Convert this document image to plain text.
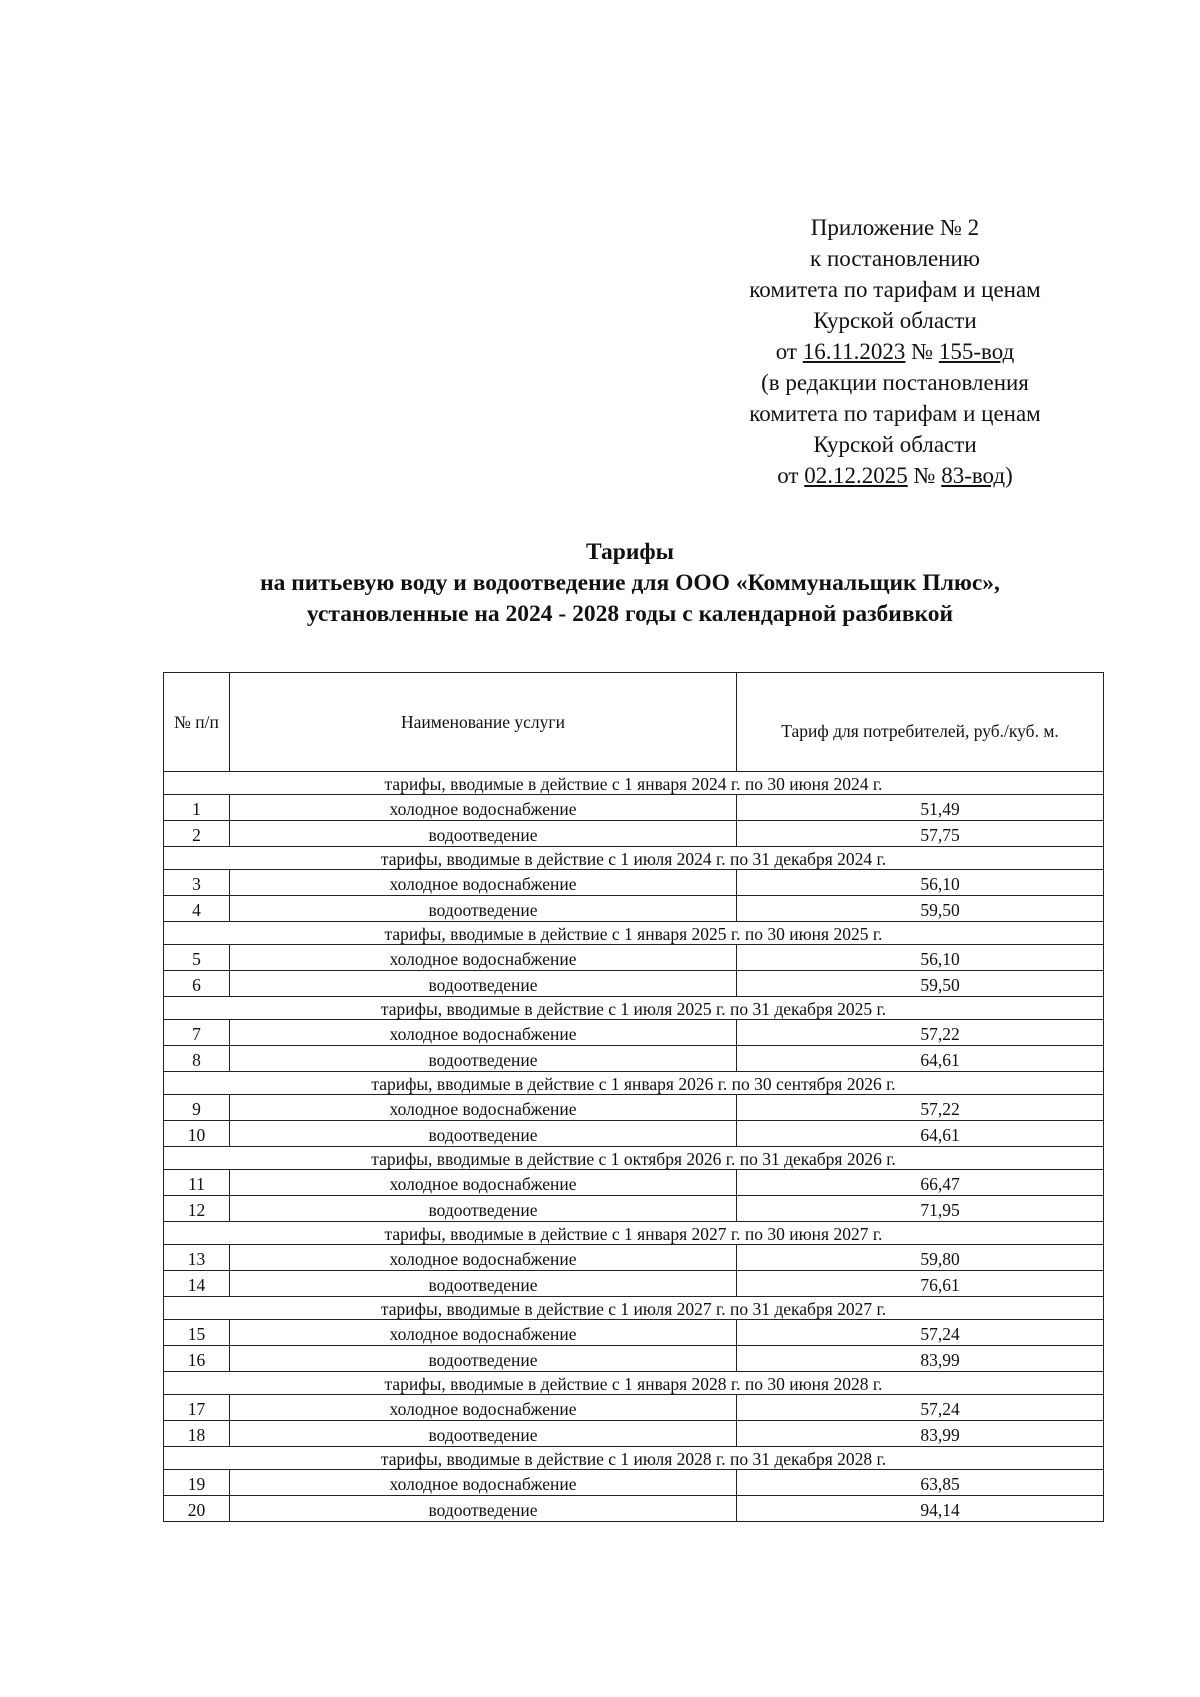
Приложение № 2
к постановлению
комитета по тарифам и ценам
Курской области
от 16.11.2023 № 155-вод
(в редакции постановления
комитета по тарифам и ценам
Курской области
от 02.12.2025 № 83-вод)
Тарифы
на питьевую воду и водоотведение для ООО «Коммунальщик Плюс»,
установленные на 2024 - 2028 годы с календарной разбивкой
№ п/п	Наименование услуги	Тариф для потребителей, руб./куб. м.
тарифы, вводимые в действие с 1 января 2024 г. по 30 июня 2024 г.		
1	холодное водоснабжение	51,49
2	водоотведение	57,75
тарифы, вводимые в действие с 1 июля 2024 г. по 31 декабря 2024 г.		
3	холодное водоснабжение	56,10
4	водоотведение	59,50
тарифы, вводимые в действие с 1 января 2025 г. по 30 июня 2025 г.		
5	холодное водоснабжение	56,10
6	водоотведение	59,50
тарифы, вводимые в действие с 1 июля 2025 г. по 31 декабря 2025 г.		
7	холодное водоснабжение	57,22
8	водоотведение	64,61
тарифы, вводимые в действие с 1 января 2026 г. по 30 сентября 2026 г.		
9	холодное водоснабжение	57,22
10	водоотведение	64,61
тарифы, вводимые в действие с 1 октября 2026 г. по 31 декабря 2026 г.		
11	холодное водоснабжение	66,47
12	водоотведение	71,95
тарифы, вводимые в действие с 1 января 2027 г. по 30 июня 2027 г.		
13	холодное водоснабжение	59,80
14	водоотведение	76,61
тарифы, вводимые в действие с 1 июля 2027 г. по 31 декабря 2027 г.		
15	холодное водоснабжение	57,24
16	водоотведение	83,99
тарифы, вводимые в действие с 1 января 2028 г. по 30 июня 2028 г.		
17	холодное водоснабжение	57,24
18	водоотведение	83,99
тарифы, вводимые в действие с 1 июля 2028 г. по 31 декабря 2028 г.		
19	холодное водоснабжение	63,85
20	водоотведение	94,14
